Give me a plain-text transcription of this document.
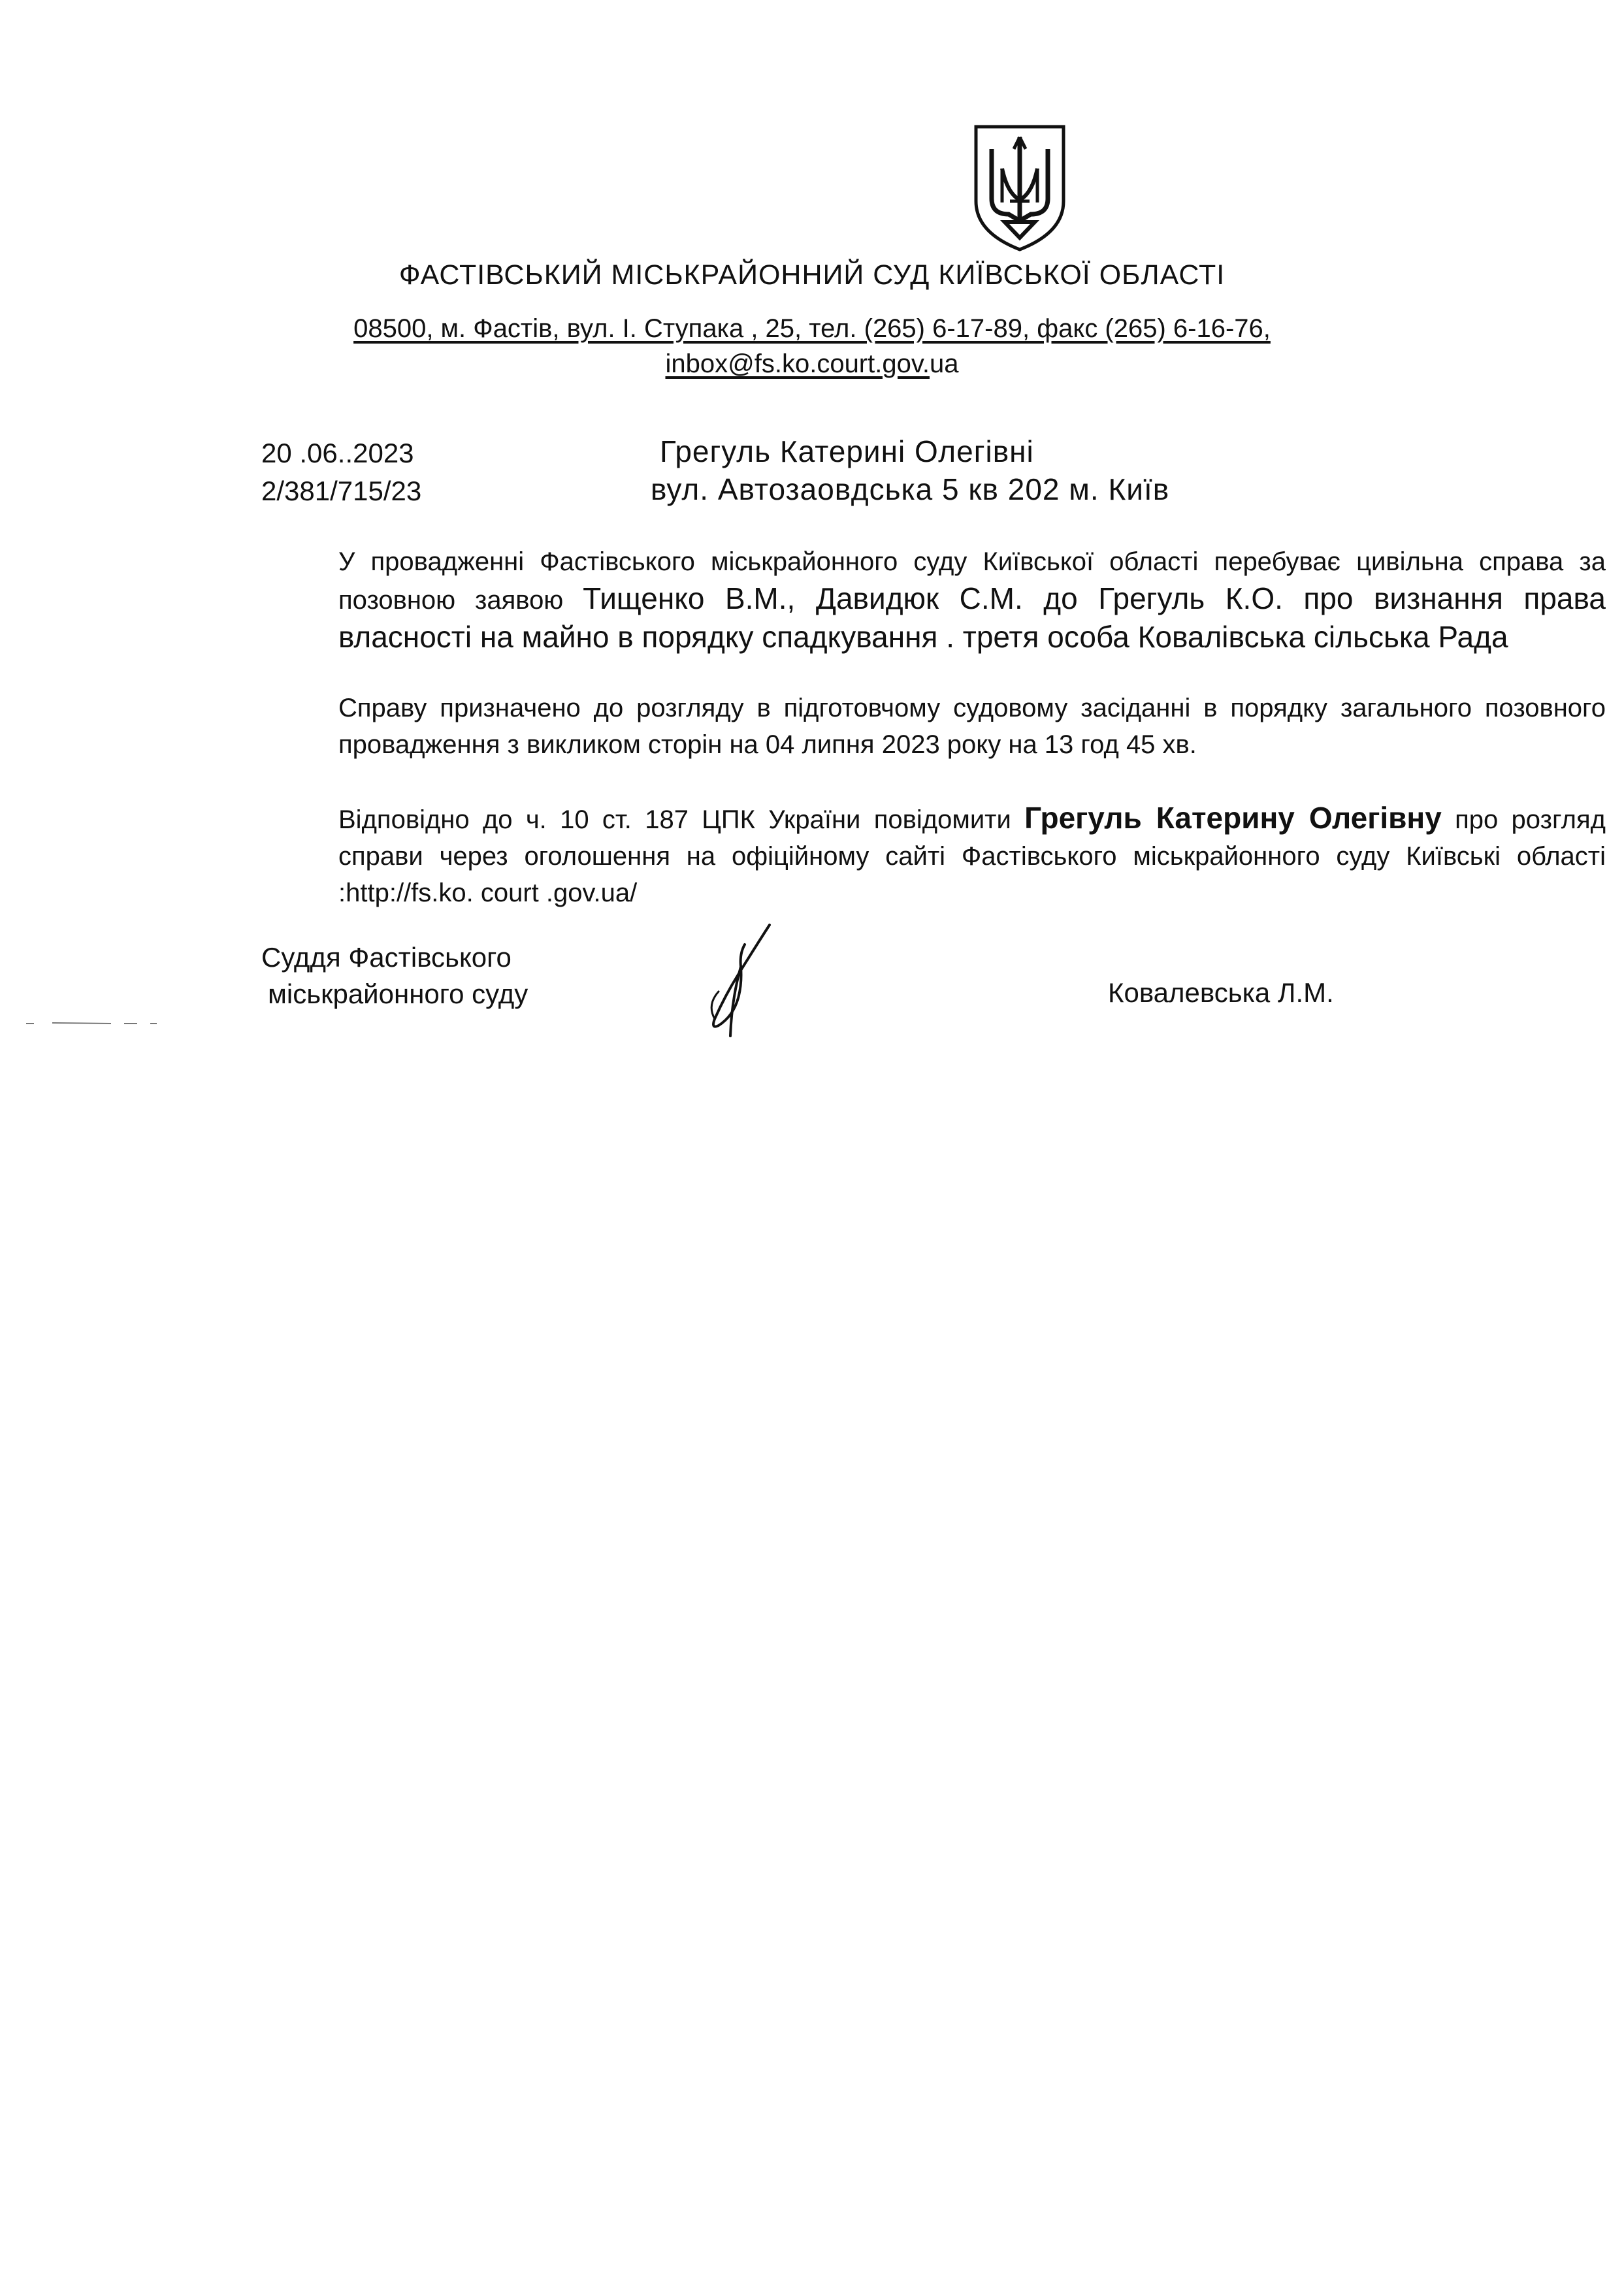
ФАСТІВСЬКИЙ МІСЬКРАЙОННИЙ СУД КИЇВСЬКОЇ ОБЛАСТІ
08500, м. Фастів, вул. І. Ступака , 25, тел. (265) 6-17-89, факс (265) 6-16-76,
inbox@fs.ko.court.gov.ua
20 .06..2023
2/381/715/23
Грегуль Катерині Олегівні
вул. Автозаовдська 5 кв 202 м. Київ
У провадженні Фастівського міськрайонного суду Київської області перебуває цивільна справа за позовною заявою Тищенко В.М., Давидюк С.М. до Грегуль К.О. про визнання права власності на майно в порядку спадкування . третя особа Ковалівська сільська Рада
Справу призначено до розгляду в підготовчому судовому засіданні в порядку загального позовного провадження з викликом сторін на 04 липня 2023 року на 13 год 45 хв.
Відповідно до ч. 10 ст. 187 ЦПК України повідомити Грегуль Катерину Олегівну про розгляд справи через оголошення на офіційному сайті Фастівського міськрайонного суду Київські області :http://fs.ko. court .gov.ua/
Суддя Фастівського
міськрайонного суду	Ковалевська Л.М.
